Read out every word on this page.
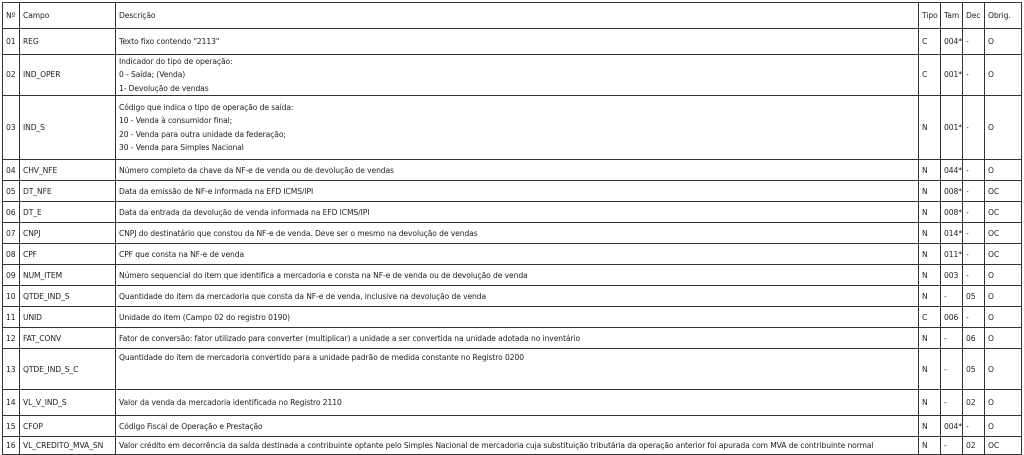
Nº	Campo	Descrição	Tipo	Tam	Dec	Obrig.
01	REG	Texto fixo contendo "2113"	C	004*	-	O
02	IND_OPER	Indicador do tipo de operação:
0 - Saída; (Venda)
1- Devolução de vendas	C	001*	-	O
03	IND_S	Código que indica o tipo de operação de saída:
10 - Venda à consumidor final;
20 - Venda para outra unidade da federação;
30 - Venda para Simples Nacional	N	001*	-	O
04	CHV_NFE	Número completo da chave da NF-e de venda ou de devolução de vendas	N	044*	-	O
05	DT_NFE	Data da emissão de NF-e informada na EFD ICMS/IPI	N	008*	-	OC
06	DT_E	Data da entrada da devolução de venda informada na EFD ICMS/IPI	N	008*	-	OC
07	CNPJ	CNPJ do destinatário que constou da NF-e de venda. Deve ser o mesmo na devolução de vendas	N	014*	-	OC
08	CPF	CPF que consta na NF-e de venda	N	011*	-	OC
09	NUM_ITEM	Número sequencial do item que identifica a mercadoria e consta na NF-e de venda ou de devolução de venda	N	003	-	O
10	QTDE_IND_S	Quantidade do item da mercadoria que consta da NF-e de venda, inclusive na devolução de venda	N	-	05	O
11	UNID	Unidade do item (Campo 02 do registro 0190)	C	006	-	O
12	FAT_CONV	Fator de conversão: fator utilizado para converter (multiplicar) a unidade a ser convertida na unidade adotada no inventário	N	-	06	O
13	QTDE_IND_S_C	Quantidade do item de mercadoria convertido para a unidade padrão de medida constante no Registro 0200	N	-	05	O
14	VL_V_IND_S	Valor da venda da mercadoria identificada no Registro 2110	N	-	02	O
15	CFOP	Código Fiscal de Operação e Prestação	N	004*	-	O
16	VL_CREDITO_MVA_SN	Valor crédito em decorrência da saída destinada a contribuinte optante pelo Simples Nacional de mercadoria cuja substituição tributária da operação anterior foi apurada com MVA de contribuinte normal	N	-	02	OC
